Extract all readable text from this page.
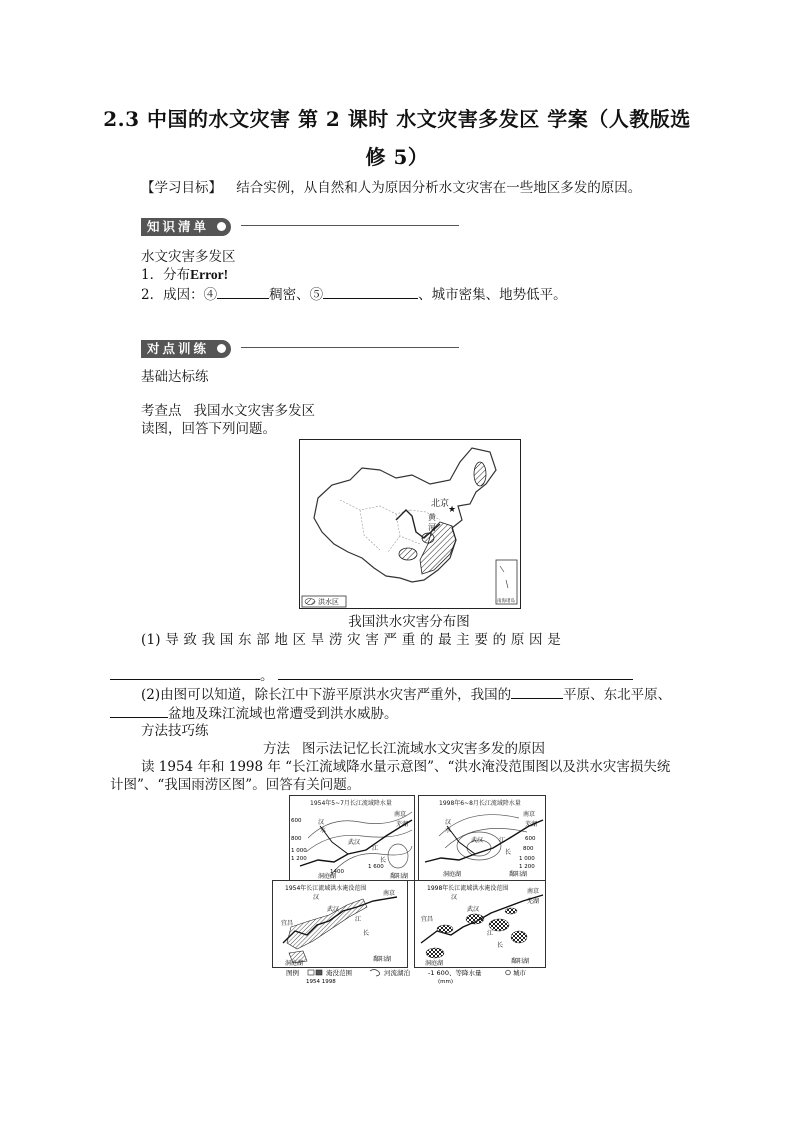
2.3 中国的水文灾害 第 2 课时 水文灾害多发区 学案（人教版选修 5）
【学习目标】 结合实例，从自然和人为原因分析水文灾害在一些地区多发的原因。
知识清单
水文灾害多发区
1．分布Error!
2．成因：④	稠密、⑤	、城市密集、地势低平。
对点训练
基础达标练
考查点 我国水文灾害多发区
读图，回答下列问题。
★
北京
黄
河
南海诸岛
洪水区
我国洪水灾害分布图
(1) 导 致 我 国 东 部 地 区 旱 涝 灾 害 严 重 的 最 主 要 的 原 因 是
。
(2)由图可以知道，除长江中下游平原洪水灾害严重外，我国的	平原、东北平原、
盆地及珠江流域也常遭受到洪水威胁。
方法技巧练
方法 图示法记忆长江流域水文灾害多发的原因
读 1954 年和 1998 年 “长江流域降水量示意图”、“洪水淹没范围图以及洪水灾害损失统
计图”、“我国雨涝区图”。回答有关问题。
1954年5~7月长江流域降水量
600
800
1 000
1 200
1400
1 600
汉
水
武汉
江
长
南京
芜湖
洞庭湖	鄱阳湖
1998年6~8月长江流域降水量
600
800
1 000
1 200
汉
水
武汉	江
长
南京
芜湖
洞庭湖	鄱阳湖
1954年长江流域洪水淹没范围
宜昌
武汉
汉
江
长
南京
洞庭湖
鄱阳湖
1998年长江流域洪水淹没范围
宜昌
武汉
汉
江
长
南京
芜湖
洞庭湖	鄱阳湖
图例	淹没范围
1954 1998
河流湖泊	-1 600、等降水量
(mm)
城市
